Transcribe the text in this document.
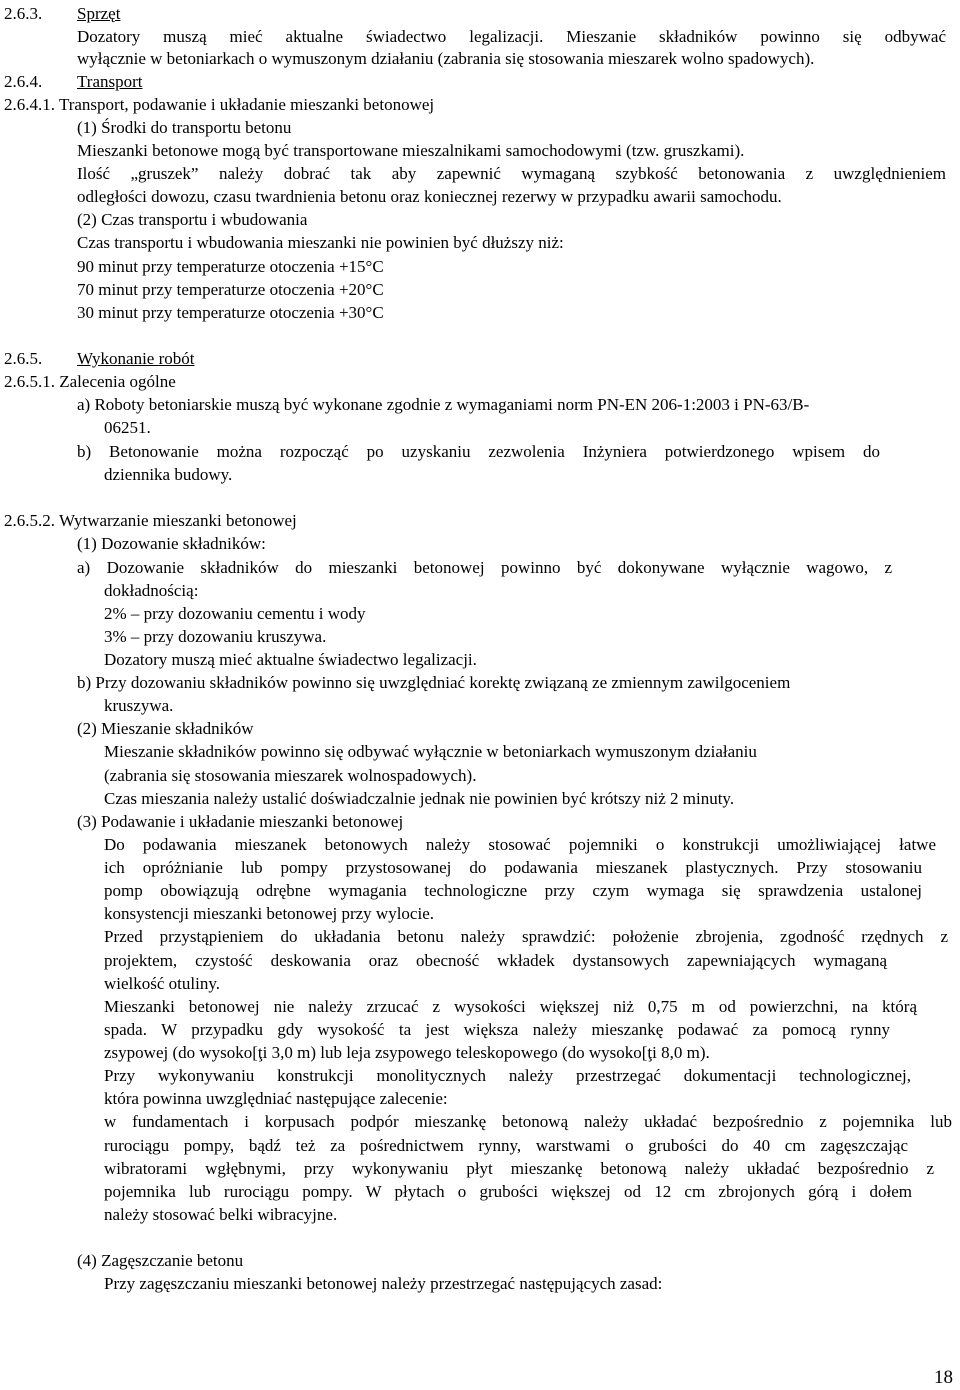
2.6.3. Sprzęt
Dozatory muszą mieć aktualne świadectwo legalizacji. Mieszanie składników powinno się odbywać
wyłącznie w betoniarkach o wymuszonym działaniu (zabrania się stosowania mieszarek wolno spadowych).
2.6.4. Transport
2.6.4.1. Transport, podawanie i układanie mieszanki betonowej
(1) Środki do transportu betonu
Mieszanki betonowe mogą być transportowane mieszalnikami samochodowymi (tzw. gruszkami).
Ilość „gruszek” należy dobrać tak aby zapewnić wymaganą szybkość betonowania z uwzględnieniem
odległości dowozu, czasu twardnienia betonu oraz koniecznej rezerwy w przypadku awarii samochodu.
(2) Czas transportu i wbudowania
Czas transportu i wbudowania mieszanki nie powinien być dłuższy niż:
90 minut przy temperaturze otoczenia +15°C
70 minut przy temperaturze otoczenia +20°C
30 minut przy temperaturze otoczenia +30°C
2.6.5. Wykonanie robót
2.6.5.1. Zalecenia ogólne
a) Roboty betoniarskie muszą być wykonane zgodnie z wymaganiami norm PN-EN 206-1:2003 i PN-63/B-
06251.
b) Betonowanie można rozpocząć po uzyskaniu zezwolenia Inżyniera potwierdzonego wpisem do
dziennika budowy.
2.6.5.2. Wytwarzanie mieszanki betonowej
(1) Dozowanie składników:
a) Dozowanie składników do mieszanki betonowej powinno być dokonywane wyłącznie wagowo, z
dokładnością:
2% – przy dozowaniu cementu i wody
3% – przy dozowaniu kruszywa.
Dozatory muszą mieć aktualne świadectwo legalizacji.
b) Przy dozowaniu składników powinno się uwzględniać korektę związaną ze zmiennym zawilgoceniem
kruszywa.
(2) Mieszanie składników
Mieszanie składników powinno się odbywać wyłącznie w betoniarkach wymuszonym działaniu
(zabrania się stosowania mieszarek wolnospadowych).
Czas mieszania należy ustalić doświadczalnie jednak nie powinien być krótszy niż 2 minuty.
(3) Podawanie i układanie mieszanki betonowej
Do podawania mieszanek betonowych należy stosować pojemniki o konstrukcji umożliwiającej łatwe
ich opróżnianie lub pompy przystosowanej do podawania mieszanek plastycznych. Przy stosowaniu
pomp obowiązują odrębne wymagania technologiczne przy czym wymaga się sprawdzenia ustalonej
konsystencji mieszanki betonowej przy wylocie.
Przed przystąpieniem do układania betonu należy sprawdzić: położenie zbrojenia, zgodność rzędnych z
projektem, czystość deskowania oraz obecność wkładek dystansowych zapewniających wymaganą
wielkość otuliny.
Mieszanki betonowej nie należy zrzucać z wysokości większej niż 0,75 m od powierzchni, na którą
spada. W przypadku gdy wysokość ta jest większa należy mieszankę podawać za pomocą rynny
zsypowej (do wysoko[ţi 3,0 m) lub leja zsypowego teleskopowego (do wysoko[ţi 8,0 m).
Przy wykonywaniu konstrukcji monolitycznych należy przestrzegać dokumentacji technologicznej,
która powinna uwzględniać następujące zalecenie:
w fundamentach i korpusach podpór mieszankę betonową należy układać bezpośrednio z pojemnika lub
rurociągu pompy, bądź też za pośrednictwem rynny, warstwami o grubości do 40 cm zagęszczając
wibratorami wgłębnymi, przy wykonywaniu płyt mieszankę betonową należy układać bezpośrednio z
pojemnika lub rurociągu pompy. W płytach o grubości większej od 12 cm zbrojonych górą i dołem
należy stosować belki wibracyjne.
(4) Zagęszczanie betonu
Przy zagęszczaniu mieszanki betonowej należy przestrzegać następujących zasad:
18
